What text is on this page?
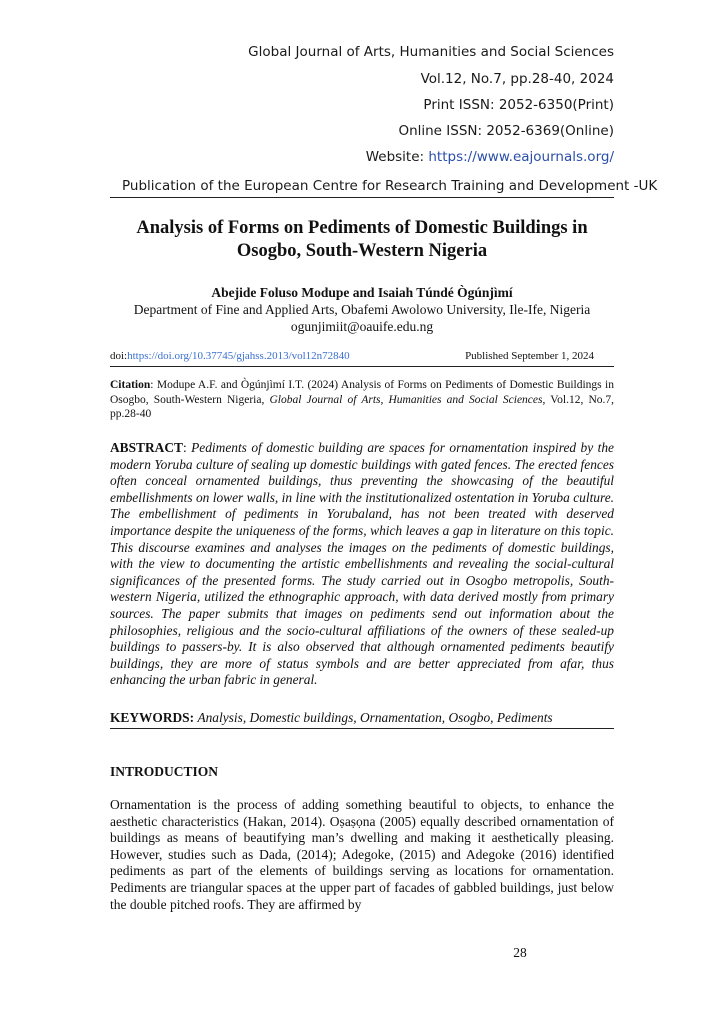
Global Journal of Arts, Humanities and Social Sciences
Vol.12, No.7, pp.28-40, 2024
Print ISSN: 2052-6350(Print)
Online ISSN: 2052-6369(Online)
Website: https://www.eajournals.org/
Publication of the European Centre for Research Training and Development -UK
Analysis of Forms on Pediments of Domestic Buildings in Osogbo, South-Western Nigeria
Abejide Foluso Modupe and Isaiah Túndé Ògúnjìmí
Department of Fine and Applied Arts, Obafemi Awolowo University, Ile-Ife, Nigeria
ogunjimiit@oauife.edu.ng
doi:https://doi.org/10.37745/gjahss.2013/vol12n72840	Published September 1, 2024
Citation: Modupe A.F. and Ògúnjìmí I.T. (2024) Analysis of Forms on Pediments of Domestic Buildings in Osogbo, South-Western Nigeria, Global Journal of Arts, Humanities and Social Sciences, Vol.12, No.7, pp.28-40
ABSTRACT: Pediments of domestic building are spaces for ornamentation inspired by the modern Yoruba culture of sealing up domestic buildings with gated fences. The erected fences often conceal ornamented buildings, thus preventing the showcasing of the beautiful embellishments on lower walls, in line with the institutionalized ostentation in Yoruba culture. The embellishment of pediments in Yorubaland, has not been treated with deserved importance despite the uniqueness of the forms, which leaves a gap in literature on this topic. This discourse examines and analyses the images on the pediments of domestic buildings, with the view to documenting the artistic embellishments and revealing the social-cultural significances of the presented forms. The study carried out in Osogbo metropolis, South-western Nigeria, utilized the ethnographic approach, with data derived mostly from primary sources. The paper submits that images on pediments send out information about the philosophies, religious and the socio-cultural affiliations of the owners of these sealed-up buildings to passers-by. It is also observed that although ornamented pediments beautify buildings, they are more of status symbols and are better appreciated from afar, thus enhancing the urban fabric in general.
KEYWORDS: Analysis, Domestic buildings, Ornamentation, Osogbo, Pediments
INTRODUCTION
Ornamentation is the process of adding something beautiful to objects, to enhance the aesthetic characteristics (Hakan, 2014). Oṣaṣọna (2005) equally described ornamentation of buildings as means of beautifying man’s dwelling and making it aesthetically pleasing. However, studies such as Dada, (2014); Adegoke, (2015) and Adegoke (2016) identified pediments as part of the elements of buildings serving as locations for ornamentation. Pediments are triangular spaces at the upper part of facades of gabbled buildings, just below the double pitched roofs. They are affirmed by
28
